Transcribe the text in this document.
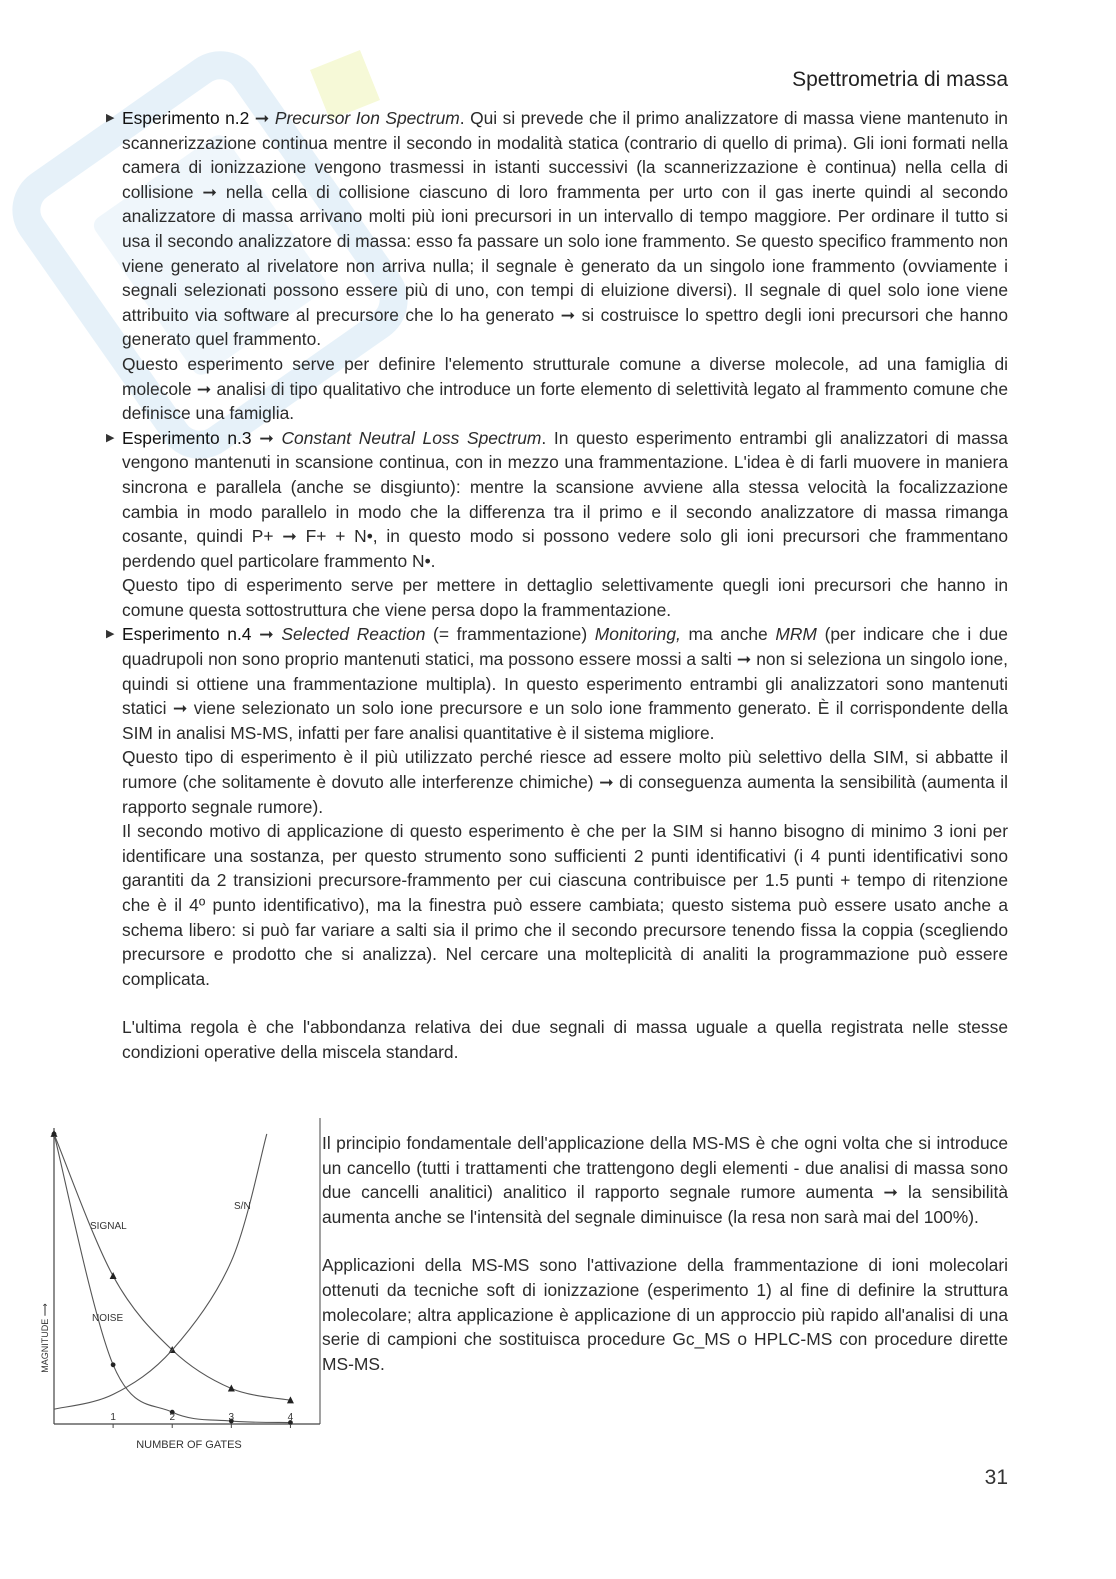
Spettrometria di massa
▶ Esperimento n.2 ➞ Precursor Ion Spectrum. Qui si prevede che il primo analizzatore di massa viene mantenuto in scannerizzazione continua mentre il secondo in modalità statica (contrario di quello di prima). Gli ioni formati nella camera di ionizzazione vengono trasmessi in istanti successivi (la scannerizzazione è continua) nella cella di collisione ➞ nella cella di collisione ciascuno di loro frammenta per urto con il gas inerte quindi al secondo analizzatore di massa arrivano molti più ioni precursori in un intervallo di tempo maggiore. Per ordinare il tutto si usa il secondo analizzatore di massa: esso fa passare un solo ione frammento. Se questo specifico frammento non viene generato al rivelatore non arriva nulla; il segnale è generato da un singolo ione frammento (ovviamente i segnali selezionati possono essere più di uno, con tempi di eluizione diversi). Il segnale di quel solo ione viene attribuito via software al precursore che lo ha generato ➞ si costruisce lo spettro degli ioni precursori che hanno generato quel frammento.
Questo esperimento serve per definire l'elemento strutturale comune a diverse molecole, ad una famiglia di molecole ➞ analisi di tipo qualitativo che introduce un forte elemento di selettività legato al frammento comune che definisce una famiglia.
▶ Esperimento n.3 ➞ Constant Neutral Loss Spectrum. In questo esperimento entrambi gli analizzatori di massa vengono mantenuti in scansione continua, con in mezzo una frammentazione. L'idea è di farli muovere in maniera sincrona e parallela (anche se disgiunto): mentre la scansione avviene alla stessa velocità la focalizzazione cambia in modo parallelo in modo che la differenza tra il primo e il secondo analizzatore di massa rimanga cosante, quindi P+ ➞ F+ + N•, in questo modo si possono vedere solo gli ioni precursori che frammentano perdendo quel particolare frammento N•.
Questo tipo di esperimento serve per mettere in dettaglio selettivamente quegli ioni precursori che hanno in comune questa sottostruttura che viene persa dopo la frammentazione.
▶ Esperimento n.4 ➞ Selected Reaction (= frammentazione) Monitoring, ma anche MRM (per indicare che i due quadrupoli non sono proprio mantenuti statici, ma possono essere mossi a salti ➞ non si seleziona un singolo ione, quindi si ottiene una frammentazione multipla). In questo esperimento entrambi gli analizzatori sono mantenuti statici ➞ viene selezionato un solo ione precursore e un solo ione frammento generato. È il corrispondente della SIM in analisi MS-MS, infatti per fare analisi quantitative è il sistema migliore.
Questo tipo di esperimento è il più utilizzato perché riesce ad essere molto più selettivo della SIM, si abbatte il rumore (che solitamente è dovuto alle interferenze chimiche) ➞ di conseguenza aumenta la sensibilità (aumenta il rapporto segnale rumore).
Il secondo motivo di applicazione di questo esperimento è che per la SIM si hanno bisogno di minimo 3 ioni per identificare una sostanza, per questo strumento sono sufficienti 2 punti identificativi (i 4 punti identificativi sono garantiti da 2 transizioni precursore-frammento per cui ciascuna contribuisce per 1.5 punti + tempo di ritenzione che è il 4º punto identificativo), ma la finestra può essere cambiata; questo sistema può essere usato anche a schema libero: si può far variare a salti sia il primo che il secondo precursore tenendo fissa la coppia (scegliendo precursore e prodotto che si analizza). Nel cercare una molteplicità di analiti la programmazione può essere complicata.
L'ultima regola è che l'abbondanza relativa dei due segnali di massa uguale a quella registrata nelle stesse condizioni operative della miscela standard.
1	2	3	4
NUMBER OF GATES
MAGNITUDE ⟶
SIGNAL
NOISE
S/N

Il principio fondamentale dell'applicazione della MS-MS è che ogni volta che si introduce un cancello (tutti i trattamenti che trattengono degli elementi - due analisi di massa sono due cancelli analitici) analitico il rapporto segnale rumore aumenta ➞ la sensibilità aumenta anche se l'intensità del segnale diminuisce (la resa non sarà mai del 100%).

Applicazioni della MS-MS sono l'attivazione della frammentazione di ioni molecolari ottenuti da tecniche soft di ionizzazione (esperimento 1) al fine di definire la struttura molecolare; altra applicazione è applicazione di un approccio più rapido all'analisi di una serie di campioni che sostituisca procedure Gc_MS o HPLC-MS con procedure dirette MS-MS.

31
